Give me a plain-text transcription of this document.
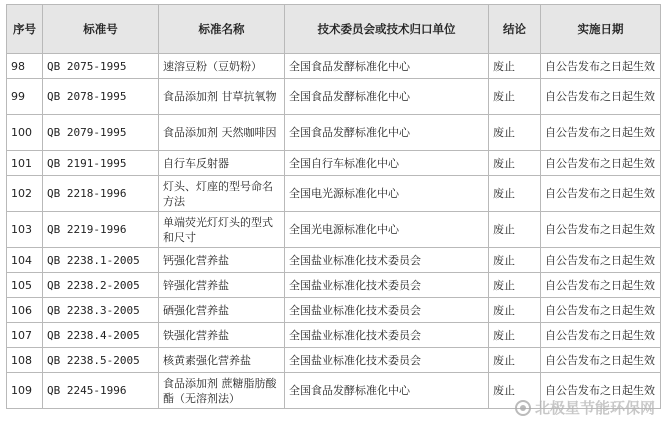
序号	标准号	标准名称	技术委员会或技术归口单位	结论	实施日期
98	QB 2075-1995	速溶豆粉（豆奶粉）	全国食品发酵标准化中心	废止	自公告发布之日起生效
99	QB 2078-1995	食品添加剂 甘草抗氧物	全国食品发酵标准化中心	废止	自公告发布之日起生效
100	QB 2079-1995	食品添加剂 天然咖啡因	全国食品发酵标准化中心	废止	自公告发布之日起生效
101	QB 2191-1995	自行车反射器	全国自行车标准化中心	废止	自公告发布之日起生效
102	QB 2218-1996	灯头、灯座的型号命名方法	全国电光源标准化中心	废止	自公告发布之日起生效
103	QB 2219-1996	单端荧光灯灯头的型式和尺寸	全国光电源标准化中心	废止	自公告发布之日起生效
104	QB 2238.1-2005	钙强化营养盐	全国盐业标准化技术委员会	废止	自公告发布之日起生效
105	QB 2238.2-2005	锌强化营养盐	全国盐业标准化技术委员会	废止	自公告发布之日起生效
106	QB 2238.3-2005	硒强化营养盐	全国盐业标准化技术委员会	废止	自公告发布之日起生效
107	QB 2238.4-2005	铁强化营养盐	全国盐业标准化技术委员会	废止	自公告发布之日起生效
108	QB 2238.5-2005	核黄素强化营养盐	全国盐业标准化技术委员会	废止	自公告发布之日起生效
109	QB 2245-1996	食品添加剂 蔗糖脂肪酸酯（无溶剂法）	全国食品发酵标准化中心	废止	自公告发布之日起生效
北极星节能环保网
